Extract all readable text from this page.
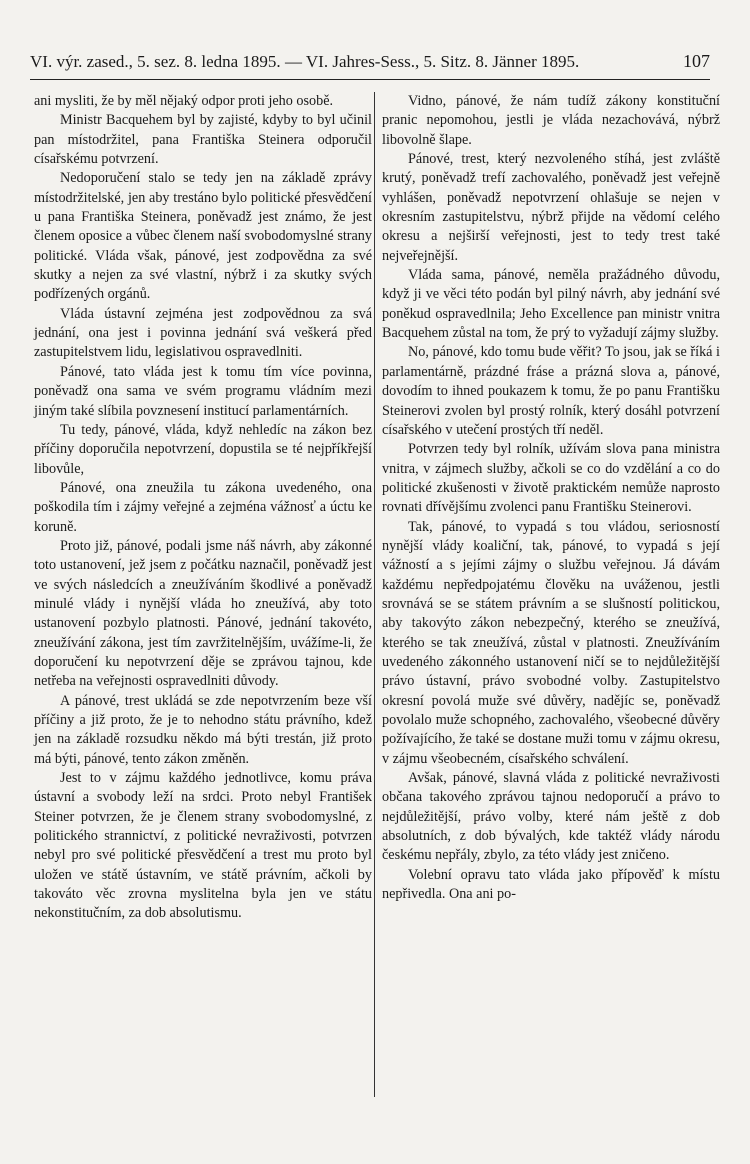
VI. výr. zased., 5. sez. 8. ledna 1895. — VI. Jahres-Sess., 5. Sitz. 8. Jänner 1895.	107

ani mysliti, že by měl nějaký odpor proti jeho osobě.

Ministr Bacquehem byl by zajisté, kdyby to byl učinil pan místodržitel, pana Františka Steinera odporučil císařskému potvrzení.

Nedoporučení stalo se tedy jen na základě zprávy místodržitelské, jen aby trestáno bylo politické přesvědčení u pana Františka Steinera, poněvadž jest známo, že jest členem oposice a vůbec členem naší svobodomyslné strany politické. Vláda však, pánové, jest zodpovědna za své skutky a nejen za své vlastní, nýbrž i za skutky svých podřízených orgánů.

Vláda ústavní zejména jest zodpovědnou za svá jednání, ona jest i povinna jednání svá veškerá před zastupitelstvem lidu, legislativou ospravedlniti.

Pánové, tato vláda jest k tomu tím více povinna, poněvadž ona sama ve svém programu vládním mezi jiným také slíbila povznesení institucí parlamentárních.

Tu tedy, pánové, vláda, když nehledíc na zákon bez příčiny doporučila nepotvrzení, dopustila se té nejpříkřejší libovůle,

Pánové, ona zneužila tu zákona uvedeného, ona poškodila tím i zájmy veřejné a zejména vážnosť a úctu ke koruně.

Proto již, pánové, podali jsme náš návrh, aby zákonné toto ustanovení, jež jsem z počátku naznačil, poněvadž jest ve svých následcích a zneužíváním škodlivé a poněvadž minulé vlády i nynější vláda ho zneužívá, aby toto ustanovení pozbylo platnosti. Pánové, jednání takovéto, zneužívání zákona, jest tím zavržitelnějším, uvážíme-li, že doporučení ku nepotvrzení děje se zprávou tajnou, kde netřeba na veřejnosti ospravedlniti důvody.

A pánové, trest ukládá se zde nepotvrzením beze vší příčiny a již proto, že je to nehodno státu právního, kdež jen na základě rozsudku někdo má býti trestán, již proto má býti, pánové, tento zákon změněn.

Jest to v zájmu každého jednotlivce, komu práva ústavní a svobody leží na srdci. Proto nebyl František Steiner potvrzen, že je členem strany svobodomyslné, z politického strannictví, z politické nevraživosti, potvrzen nebyl pro své politické přesvědčení a trest mu proto byl uložen ve státě ústavním, ve státě právním, ačkoli by takováto věc zrovna myslitelna byla jen ve státu nekonstitučním, za dob absolutismu.

Vidno, pánové, že nám tudíž zákony konstituční pranic nepomohou, jestli je vláda nezachovává, nýbrž libovolně šlape.

Pánové, trest, který nezvoleného stíhá, jest zvláště krutý, poněvadž trefí zachovalého, poněvadž jest veřejně vyhlášen, poněvadž nepotvrzení ohlašuje se nejen v okresním zastupitelstvu, nýbrž přijde na vědomí celého okresu a nejširší veřejnosti, jest to tedy trest také nejveřejnější.

Vláda sama, pánové, neměla pražádného důvodu, když ji ve věci této podán byl pilný návrh, aby jednání své poněkud ospravedlnila; Jeho Excellence pan ministr vnitra Bacquehem zůstal na tom, že prý to vyžadují zájmy služby.

No, pánové, kdo tomu bude věřit? To jsou, jak se říká i parlamentárně, prázdné fráse a prázná slova a, pánové, dovodím to ihned poukazem k tomu, že po panu Františku Steinerovi zvolen byl prostý rolník, který dosáhl potvrzení císařského v utečení prostých tří neděl.

Potvrzen tedy byl rolník, užívám slova pana ministra vnitra, v zájmech služby, ačkoli se co do vzdělání a co do politické zkušenosti v životě praktickém nemůže naprosto rovnati dřívějšímu zvolenci panu Františku Steinerovi.

Tak, pánové, to vypadá s tou vládou, seriosností nynější vlády koaliční, tak, pánové, to vypadá s její vážností a s jejími zájmy o službu veřejnou. Já dávám každému nepředpojatému člověku na uváženou, jestli srovnává se se státem právním a se slušností politickou, aby takovýto zákon nebezpečný, kterého se zneužívá, kterého se tak zneužívá, zůstal v platnosti. Zneužíváním uvedeného zákonného ustanovení ničí se to nejdůležitější právo ústavní, právo svobodné volby. Zastupitelstvo okresní povolá muže své důvěry, nadějíc se, poněvadž povolalo muže schopného, zachovalého, všeobecné důvěry požívajícího, že také se dostane muži tomu v zájmu okresu, v zájmu všeobecném, císařského schválení.

Avšak, pánové, slavná vláda z politické nevraživosti občana takového zprávou tajnou nedoporučí a právo to nejdůležitější, právo volby, které nám ještě z dob absolutních, z dob bývalých, kde taktéž vlády národu českému nepřály, zbylo, za této vlády jest zničeno.

Volební opravu tato vláda jako přípověď k místu nepřivedla. Ona ani po-
